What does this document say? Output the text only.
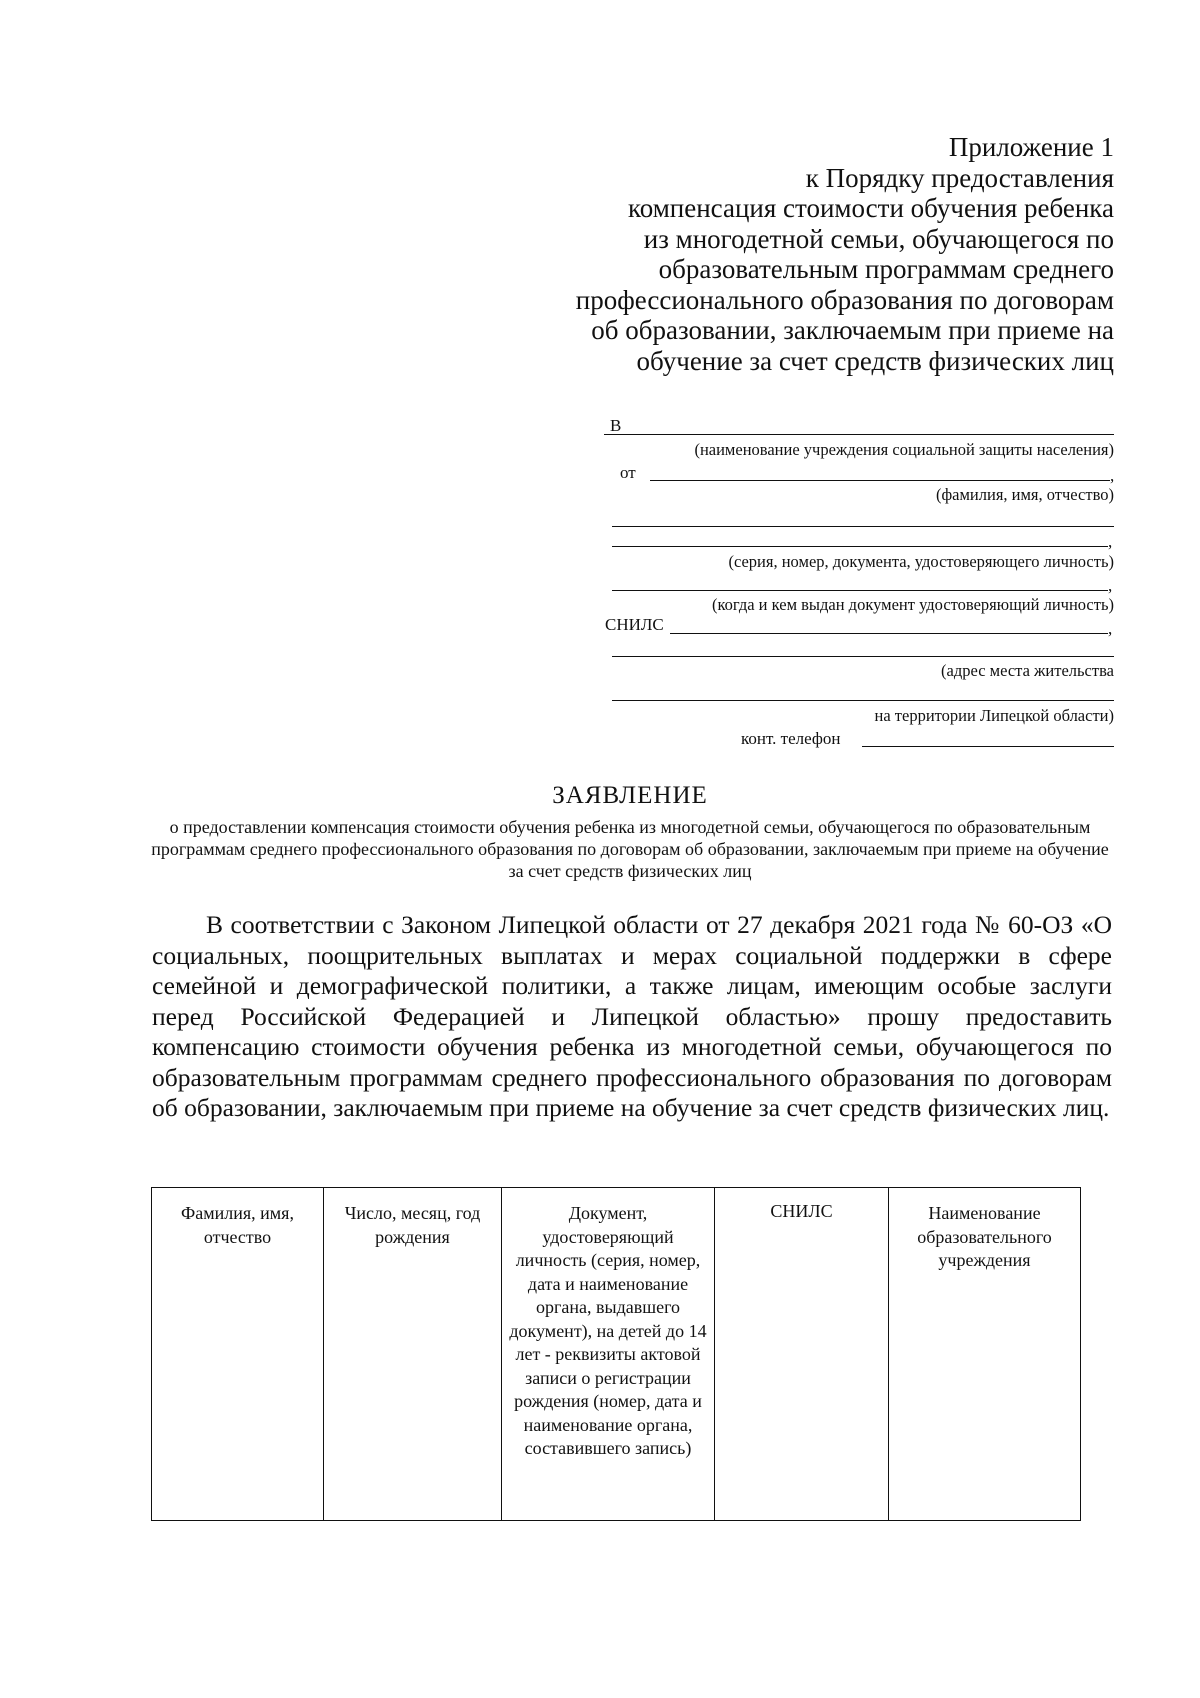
Приложение 1
к Порядку предоставления
компенсация стоимости обучения ребенка
из многодетной семьи, обучающегося по
образовательным программам среднего
профессионального образования по договорам
об образовании, заключаемым при приеме на
обучение за счет средств физических лиц
В
(наименование учреждения социальной защиты населения)
от	,
(фамилия, имя, отчество)
,
(серия, номер, документа, удостоверяющего личность)
,
(когда и кем выдан документ удостоверяющий личность)
СНИЛС	,
(адрес места жительства
на территории Липецкой области)
конт. телефон
ЗАЯВЛЕНИЕ
о предоставлении компенсация стоимости обучения ребенка из многодетной семьи, обучающегося по образовательным программам среднего профессионального образования по договорам об образовании, заключаемым при приеме на обучение за счет средств физических лиц
В соответствии с Законом Липецкой области от 27 декабря 2021 года № 60-ОЗ «О социальных, поощрительных выплатах и мерах социальной поддержки в сфере семейной и демографической политики, а также лицам, имеющим особые заслуги перед Российской Федерацией и Липецкой областью» прошу предоставить компенсацию стоимости обучения ребенка из многодетной семьи, обучающегося по образовательным программам среднего профессионального образования по договорам об образовании, заключаемым при приеме на обучение за счет средств физических лиц.
Фамилия, имя, отчество	Число, месяц, год рождения	Документ, удостоверяющий личность (серия, номер, дата и наименование органа, выдавшего документ), на детей до 14 лет - реквизиты актовой записи о регистрации рождения (номер, дата и наименование органа, составившего запись)	СНИЛС	Наименование образовательного учреждения
